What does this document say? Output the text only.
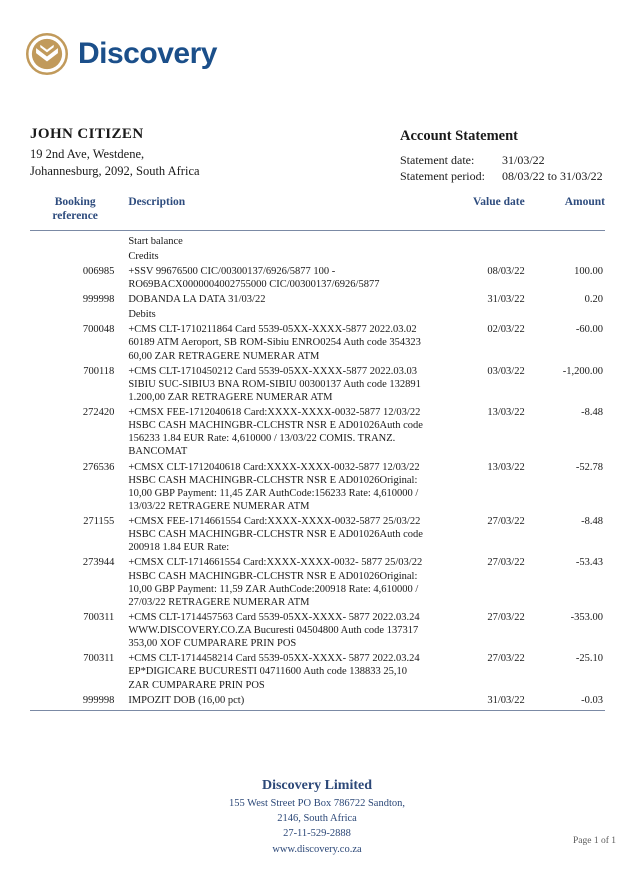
Discovery
JOHN CITIZEN
19 2nd Ave, Westdene,
Johannesburg, 2092, South Africa
Account Statement
Statement date:	31/03/22
Statement period:	08/03/22 to 31/03/22
Booking
reference	Description	Value date	Amount
	Start balance		
	Credits		
006985	+SSV 99676500 CIC/00300137/6926/5877 100 - RO69BACX0000004002755000 CIC/00300137/6926/5877	08/03/22	100.00
999998	DOBANDA LA DATA 31/03/22	31/03/22	0.20
	Debits		
700048	+CMS CLT-1710211864 Card 5539-05XX-XXXX-5877 2022.03.02 60189 ATM Aeroport, SB ROM-Sibiu ENRO0254 Auth code 354323 60,00 ZAR RETRAGERE NUMERAR ATM	02/03/22	-60.00
700118	+CMS CLT-1710450212 Card 5539-05XX-XXXX-5877 2022.03.03 SIBIU SUC-SIBIU3 BNA ROM-SIBIU 00300137 Auth code 132891 1.200,00 ZAR RETRAGERE NUMERAR ATM	03/03/22	-1,200.00
272420	+CMSX FEE-1712040618 Card:XXXX-XXXX-0032-5877 12/03/22 HSBC CASH MACHINGBR-CLCHSTR NSR E AD01026Auth code 156233 1.84 EUR Rate: 4,610000 / 13/03/22 COMIS. TRANZ. BANCOMAT	13/03/22	-8.48
276536	+CMSX CLT-1712040618 Card:XXXX-XXXX-0032-5877 12/03/22 HSBC CASH MACHINGBR-CLCHSTR NSR E AD01026Original: 10,00 GBP Payment: 11,45 ZAR AuthCode:156233 Rate: 4,610000 / 13/03/22 RETRAGERE NUMERAR ATM	13/03/22	-52.78
271155	+CMSX FEE-1714661554 Card:XXXX-XXXX-0032-5877 25/03/22 HSBC CASH MACHINGBR-CLCHSTR NSR E AD01026Auth code 200918 1.84 EUR Rate:	27/03/22	-8.48
273944	+CMSX CLT-1714661554 Card:XXXX-XXXX-0032- 5877 25/03/22 HSBC CASH MACHINGBR-CLCHSTR NSR E AD01026Original: 10,00 GBP Payment: 11,59 ZAR AuthCode:200918 Rate: 4,610000 / 27/03/22 RETRAGERE NUMERAR ATM	27/03/22	-53.43
700311	+CMS CLT-1714457563 Card 5539-05XX-XXXX- 5877 2022.03.24 WWW.DISCOVERY.CO.ZA Bucuresti 04504800 Auth code 137317 353,00 XOF CUMPARARE PRIN POS	27/03/22	-353.00
700311	+CMS CLT-1714458214 Card 5539-05XX-XXXX- 5877 2022.03.24 EP*DIGICARE BUCURESTI 04711600 Auth code 138833 25,10 ZAR CUMPARARE PRIN POS	27/03/22	-25.10
999998	IMPOZIT DOB (16,00 pct)	31/03/22	-0.03
Discovery Limited
155 West Street PO Box 786722 Sandton,
2146, South Africa
27-11-529-2888
www.discovery.co.za
Page 1 of 1
